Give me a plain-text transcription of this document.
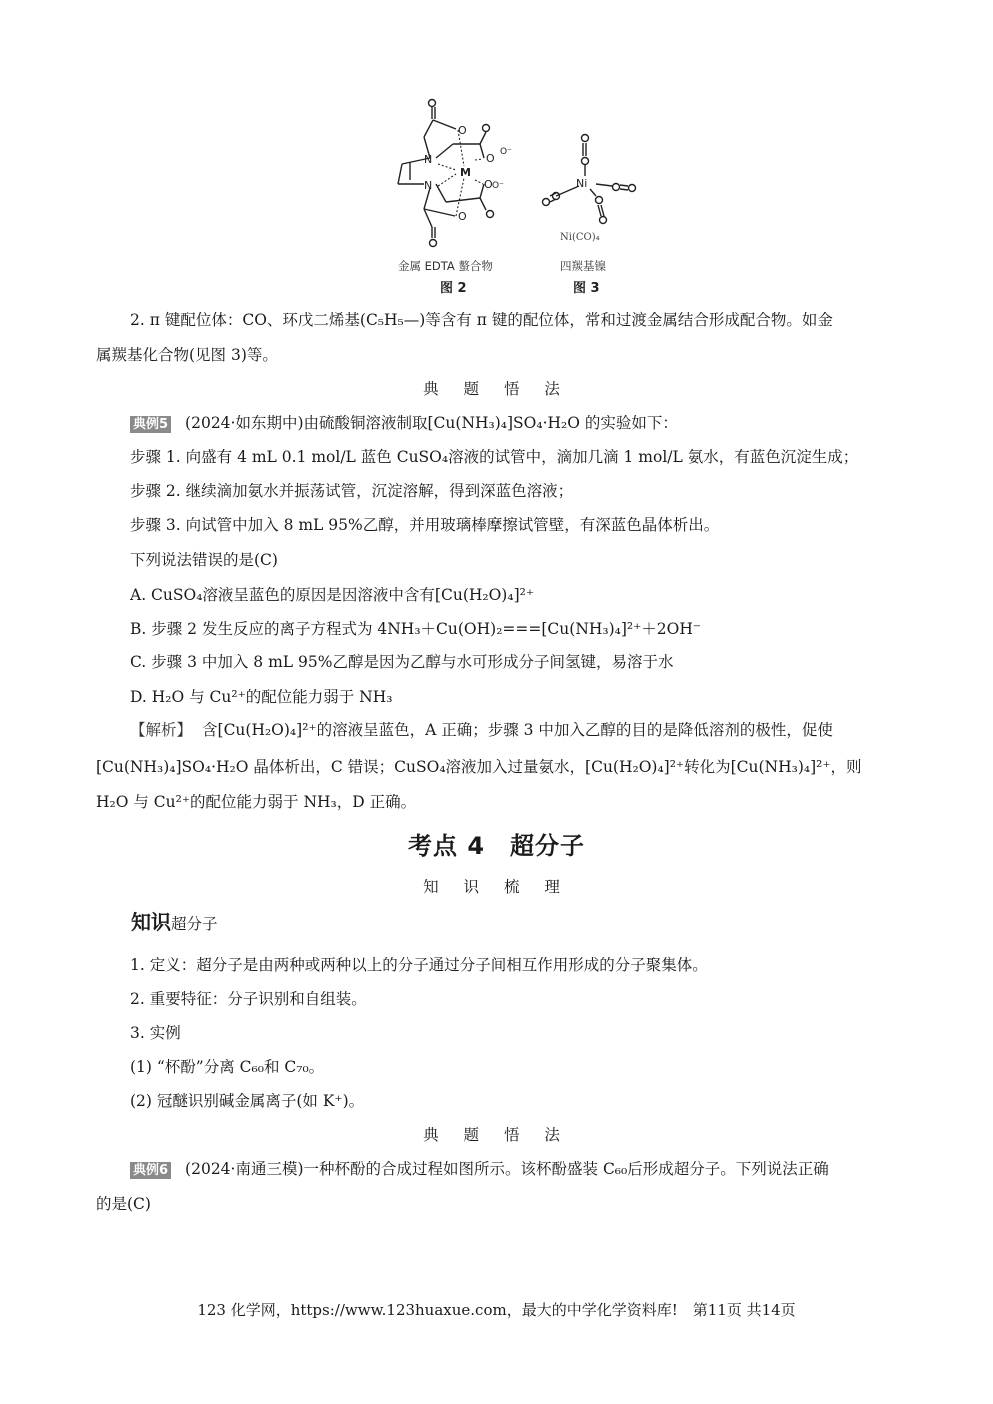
N
N
M
O
O
O
O
O⁻
O⁻	Ni
Ni(CO)₄
金属 EDTA 螯合物	四羰基镍
图 2	图 3
2. π 键配位体：CO、环戊二烯基(C₅H₅—)等含有 π 键的配位体，常和过渡金属结合形成配合物。如金
属羰基化合物(见图 3)等。
典 题 悟 法
典例5 (2024·如东期中)由硫酸铜溶液制取[Cu(NH₃)₄]SO₄·H₂O 的实验如下：
步骤 1. 向盛有 4 mL 0.1 mol/L 蓝色 CuSO₄溶液的试管中，滴加几滴 1 mol/L 氨水，有蓝色沉淀生成；
步骤 2. 继续滴加氨水并振荡试管，沉淀溶解，得到深蓝色溶液；
步骤 3. 向试管中加入 8 mL 95%乙醇，并用玻璃棒摩擦试管壁，有深蓝色晶体析出。
下列说法错误的是(C)
A. CuSO₄溶液呈蓝色的原因是因溶液中含有[Cu(H₂O)₄]²⁺
B. 步骤 2 发生反应的离子方程式为 4NH₃＋Cu(OH)₂===[Cu(NH₃)₄]²⁺＋2OH⁻
C. 步骤 3 中加入 8 mL 95%乙醇是因为乙醇与水可形成分子间氢键，易溶于水
D. H₂O 与 Cu²⁺的配位能力弱于 NH₃
【解析】 含[Cu(H₂O)₄]²⁺的溶液呈蓝色，A 正确；步骤 3 中加入乙醇的目的是降低溶剂的极性，促使
[Cu(NH₃)₄]SO₄·H₂O 晶体析出，C 错误；CuSO₄溶液加入过量氨水，[Cu(H₂O)₄]²⁺转化为[Cu(NH₃)₄]²⁺，则
H₂O 与 Cu²⁺的配位能力弱于 NH₃，D 正确。
考点 4　超分子
知 识 梳 理
知识超分子
1. 定义：超分子是由两种或两种以上的分子通过分子间相互作用形成的分子聚集体。
2. 重要特征：分子识别和自组装。
3. 实例
(1) “杯酚”分离 C₆₀和 C₇₀。
(2) 冠醚识别碱金属离子(如 K⁺)。
典 题 悟 法
典例6 (2024·南通三模)一种杯酚的合成过程如图所示。该杯酚盛装 C₆₀后形成超分子。下列说法正确
的是(C)
123 化学网，https://www.123huaxue.com，最大的中学化学资料库!　第11页 共14页
